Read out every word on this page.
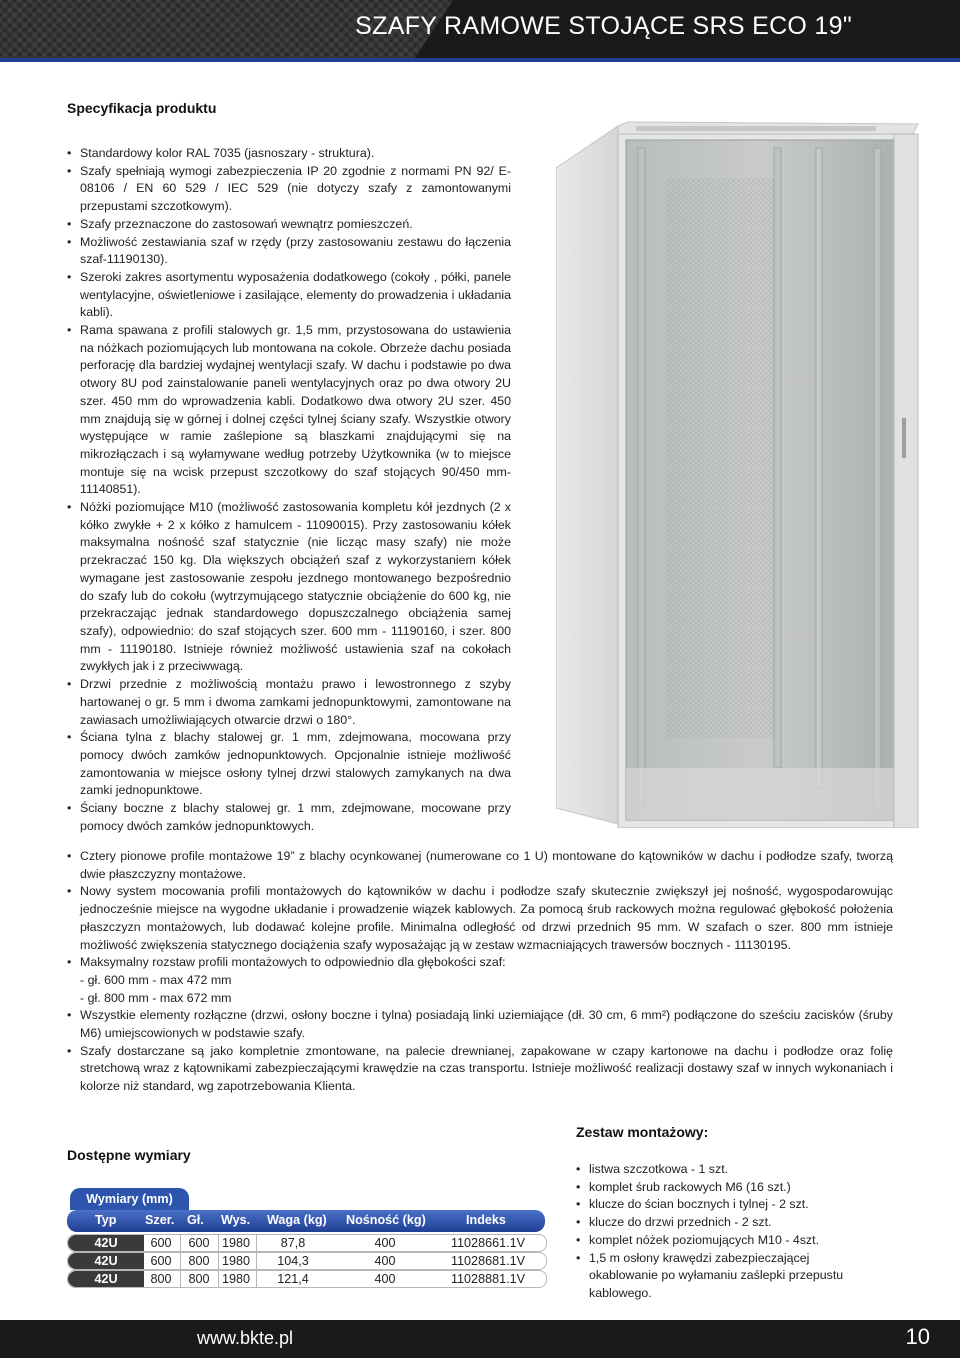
SZAFY RAMOWE STOJĄCE SRS ECO 19"
Specyfikacja produktu
• Standardowy kolor RAL 7035 (jasnoszary - struktura).
• Szafy spełniają wymogi zabezpieczenia IP 20 zgodnie z normami PN 92/ E-08106 / EN 60 529 / IEC 529 (nie dotyczy szafy z zamontowanymi przepustami szczotkowym).
• Szafy przeznaczone do zastosowań wewnątrz pomieszczeń.
• Możliwość zestawiania szaf w rzędy (przy zastosowaniu zestawu do łączenia szaf-11190130).
• Szeroki zakres asortymentu wyposażenia dodatkowego (cokoły , półki, panele wentylacyjne, oświetleniowe i zasilające, elementy do prowadzenia i układania kabli).
• Rama spawana z profili stalowych gr. 1,5 mm, przystosowana do ustawienia na nóżkach poziomujących lub montowana na cokole. Obrzeże dachu posiada perforację dla bardziej wydajnej wentylacji szafy. W dachu i podstawie po dwa otwory 8U pod zainstalowanie paneli wentylacyjnych oraz po dwa otwory 2U szer. 450 mm do wprowadzenia kabli. Dodatkowo dwa otwory 2U szer. 450 mm znajdują się w górnej i dolnej części tylnej ściany szafy. Wszystkie otwory występujące w ramie zaślepione są blaszkami znajdującymi się na mikrozłączach i są wyłamywane według potrzeby Użytkownika (w to miejsce montuje się na wcisk przepust szczotkowy do szaf stojących 90/450 mm- 11140851).
• Nóżki poziomujące M10 (możliwość zastosowania kompletu kół jezdnych (2 x kółko zwykłe + 2 x kółko z hamulcem - 11090015). Przy zastosowaniu kółek maksymalna nośność szaf statycznie (nie licząc masy szafy) nie może przekraczać 150 kg. Dla większych obciążeń szaf z wykorzystaniem kółek wymagane jest zastosowanie zespołu jezdnego montowanego bezpośrednio do szafy lub do cokołu (wytrzymującego statycznie obciążenie do 600 kg, nie przekraczając jednak standardowego dopuszczalnego obciążenia samej szafy), odpowiednio: do szaf stojących szer. 600 mm - 11190160, i szer. 800 mm - 11190180. Istnieje również możliwość ustawienia szaf na cokołach zwykłych jak i z przeciwwagą.
• Drzwi przednie z możliwością montażu prawo i lewostronnego z szyby hartowanej o gr. 5 mm i dwoma zamkami jednopunktowymi, zamontowane na zawiasach umożliwiających otwarcie drzwi o 180°.
• Ściana tylna z blachy stalowej gr. 1 mm, zdejmowana, mocowana przy pomocy dwóch zamków jednopunktowych. Opcjonalnie istnieje możliwość zamontowania w miejsce osłony tylnej drzwi stalowych zamykanych na dwa zamki jednopunktowe.
• Ściany boczne z blachy stalowej gr. 1 mm, zdejmowane, mocowane przy pomocy dwóch zamków jednopunktowych.
• Cztery pionowe profile montażowe 19” z blachy ocynkowanej (numerowane co 1 U) montowane do kątowników w dachu i podłodze szafy, tworzą dwie płaszczyzny montażowe.
• Nowy system mocowania profili montażowych do kątowników w dachu i podłodze szafy skutecznie zwiększył jej nośność, wygospodarowując jednocześnie miejsce na wygodne układanie i prowadzenie wiązek kablowych. Za pomocą śrub rackowych można regulować głębokość położenia płaszczyzn montażowych, lub dodawać kolejne profile. Minimalna odległość od drzwi przednich 95 mm. W szafach o szer. 800 mm istnieje możliwość zwiększenia statycznego dociążenia szafy wyposażając ją w zestaw wzmacniających trawersów bocznych - 11130195.
• Maksymalny rozstaw profili montażowych to odpowiednio dla głębokości szaf:
- gł. 600 mm - max 472 mm
- gł. 800 mm - max 672 mm
• Wszystkie elementy rozłączne (drzwi, osłony boczne i tylna) posiadają linki uziemiające (dł. 30 cm, 6 mm²) podłączone do sześciu zacisków (śruby M6) umiejscowionych w podstawie szafy.
• Szafy dostarczane są jako kompletnie zmontowane, na palecie drewnianej, zapakowane w czapy kartonowe na dachu i podłodze oraz folię stretchową wraz z kątownikami zabezpieczającymi krawędzie na czas transportu. Istnieje możliwość realizacji dostawy szaf w innych wykonaniach i kolorze niż standard, wg zapotrzebowania Klienta.
Zestaw montażowy:
• listwa szczotkowa - 1 szt.
• komplet śrub rackowych M6 (16 szt.)
• klucze do ścian bocznych i tylnej - 2 szt.
• klucze do drzwi przednich - 2 szt.
• komplet nóżek poziomujących M10 - 4szt.
• 1,5 m osłony krawędzi zabezpieczającej okablowanie po wyłamaniu zaślepki przepustu kablowego.
Dostępne wymiary
Wymiary (mm)
Typ Szer. Gł. Wys. Waga (kg) Nośność (kg)	Indeks
42U	600	600 1980	87,8	400	11028661.1V
42U	600	800 1980	104,3	400	11028681.1V
42U	800	800 1980	121,4	400	11028881.1V
www.bkte.pl	10
